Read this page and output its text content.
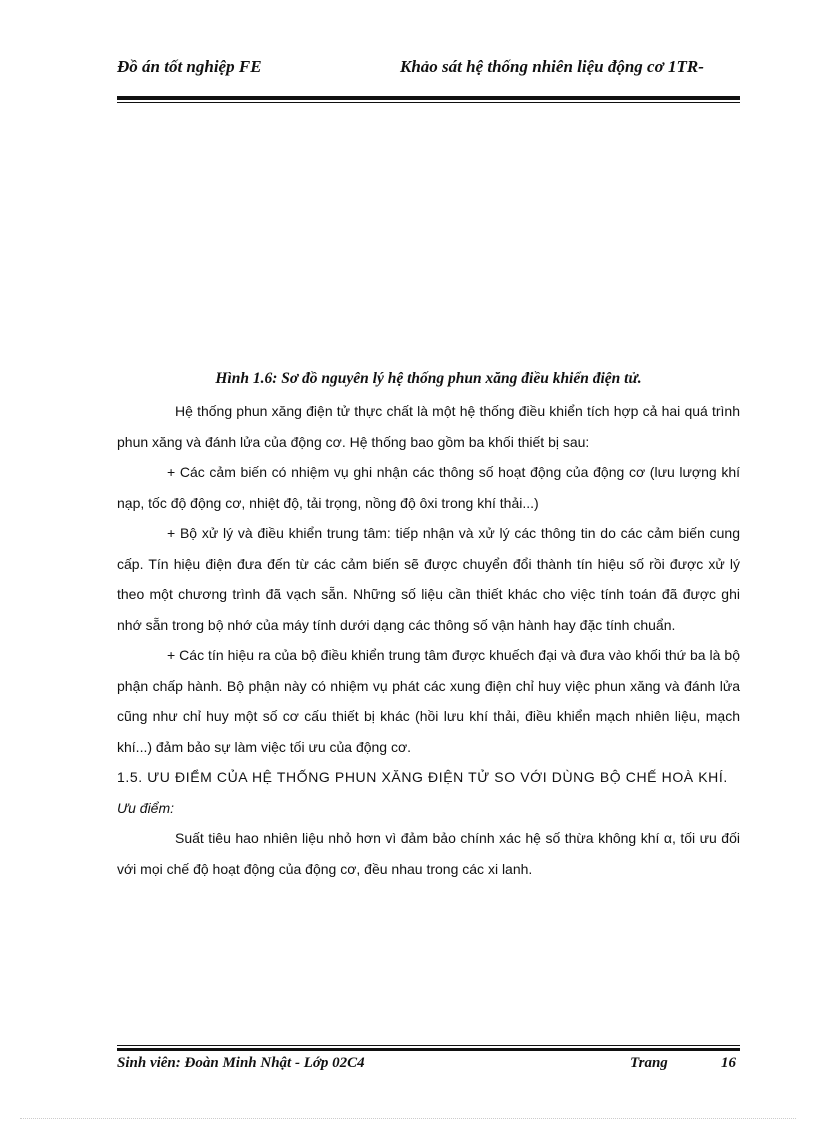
Đồ án tốt nghiệp FE	Khảo sát hệ thống nhiên liệu động cơ 1TR-
Hình 1.6: Sơ đồ nguyên lý hệ thống phun xăng điều khiển điện tử.

Hệ thống phun xăng điện tử thực chất là một hệ thống điều khiển tích hợp cả hai quá trình phun xăng và đánh lửa của động cơ. Hệ thống bao gồm ba khối thiết bị sau:

+ Các cảm biến có nhiệm vụ ghi nhận các thông số hoạt động của động cơ (lưu lượng khí nạp, tốc độ động cơ, nhiệt độ, tải trọng, nồng độ ôxi trong khí thải...)

+ Bộ xử lý và điều khiển trung tâm: tiếp nhận và xử lý các thông tin do các cảm biến cung cấp. Tín hiệu điện đưa đến từ các cảm biến sẽ được chuyển đổi thành tín hiệu số rồi được xử lý theo một chương trình đã vạch sẵn. Những số liệu cần thiết khác cho việc tính toán đã được ghi nhớ sẵn trong bộ nhớ của máy tính dưới dạng các thông số vận hành hay đặc tính chuẩn.

+ Các tín hiệu ra của bộ điều khiển trung tâm được khuếch đại và đưa vào khối thứ ba là bộ phận chấp hành. Bộ phận này có nhiệm vụ phát các xung điện chỉ huy việc phun xăng và đánh lửa cũng như chỉ huy một số cơ cấu thiết bị khác (hồi lưu khí thải, điều khiển mạch nhiên liệu, mạch khí...) đảm bảo sự làm việc tối ưu của động cơ.

1.5. ƯU ĐIỂM CỦA HỆ THỐNG PHUN XĂNG ĐIỆN TỬ SO VỚI DÙNG BỘ CHẾ HOÀ KHÍ.

Ưu điểm:

Suất tiêu hao nhiên liệu nhỏ hơn vì đảm bảo chính xác hệ số thừa không khí α, tối ưu đối với mọi chế độ hoạt động của động cơ, đều nhau trong các xi lanh.

Sinh viên: Đoàn Minh Nhật - Lớp 02C4	Trang	16
